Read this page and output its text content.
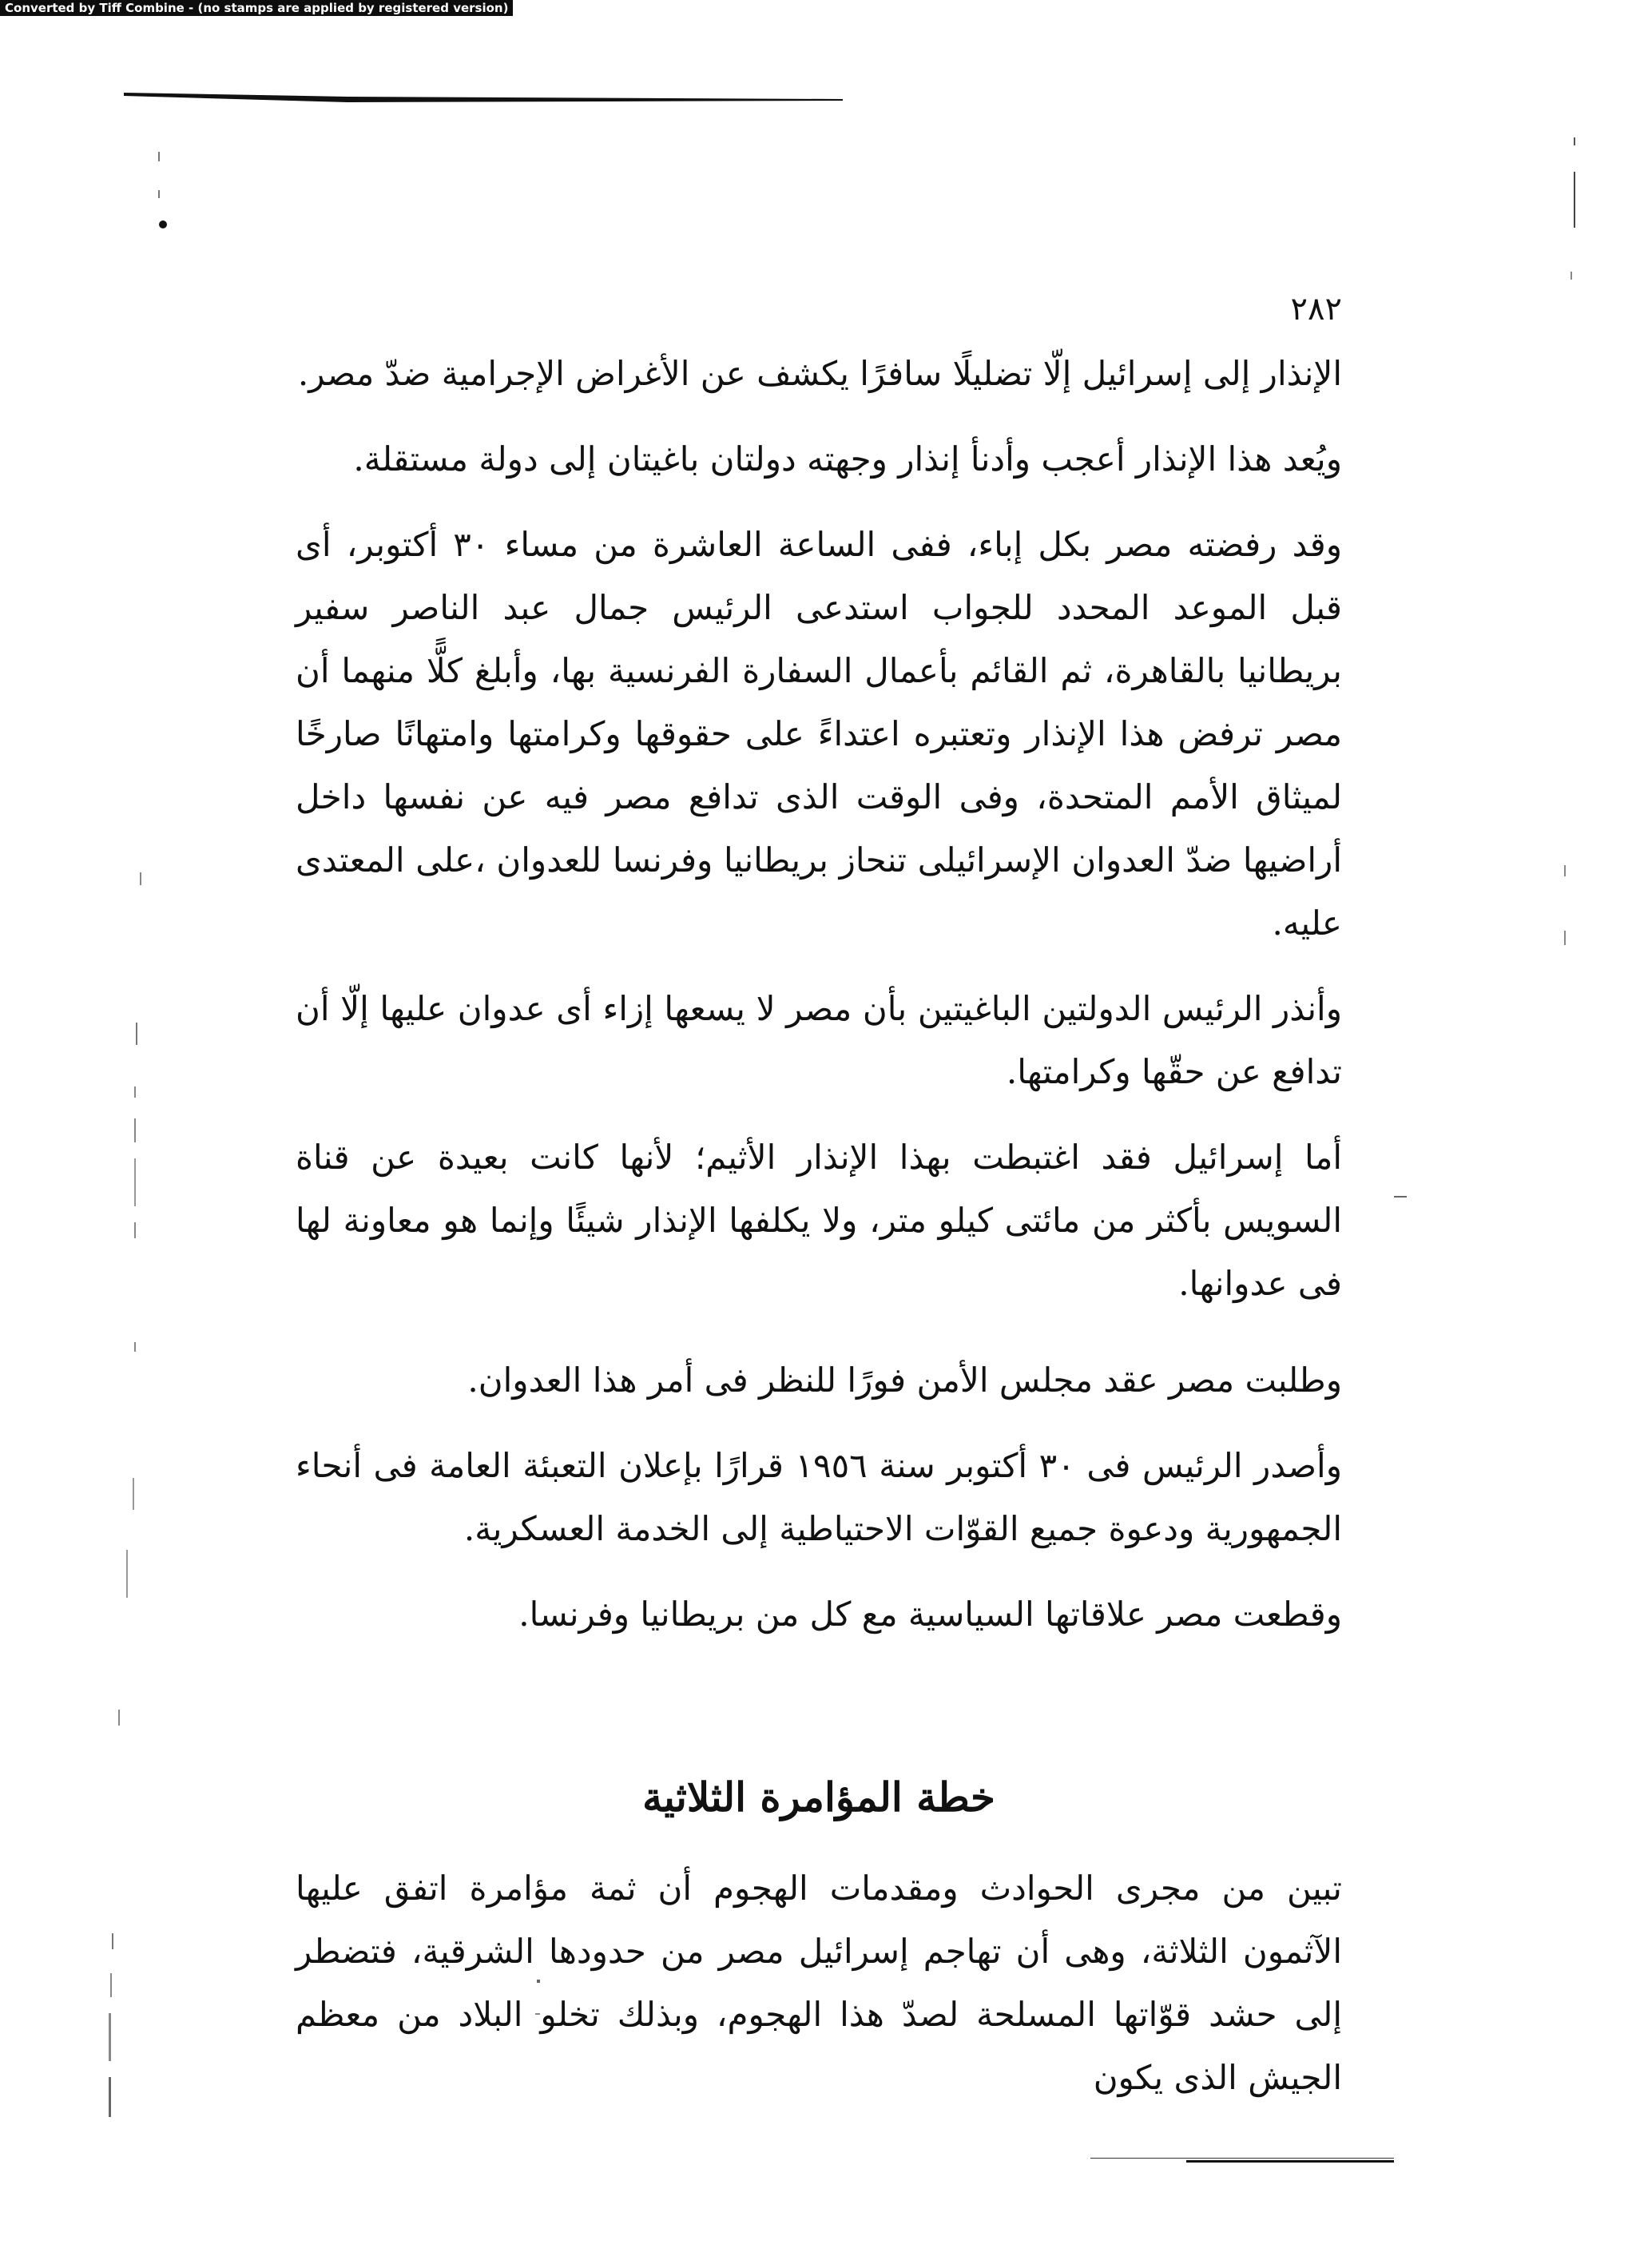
Converted by Tiff Combine - (no stamps are applied by registered version)
٢٨٢

الإنذار إلى إسرائيل إلّا تضليلًا سافرًا يكشف عن الأغراض الإجرامية ضدّ مصر.

ويُعد هذا الإنذار أعجب وأدنأ إنذار وجهته دولتان باغيتان إلى دولة مستقلة.

وقد رفضته مصر بكل إباء، ففى الساعة العاشرة من مساء ٣٠ أكتوبر، أى قبل الموعد المحدد للجواب استدعى الرئيس جمال عبد الناصر سفير بريطانيا بالقاهرة، ثم القائم بأعمال السفارة الفرنسية بها، وأبلغ كلًّا منهما أن مصر ترفض هذا الإنذار وتعتبره اعتداءً على حقوقها وكرامتها وامتهانًا صارخًا لميثاق الأمم المتحدة، وفى الوقت الذى تدافع مصر فيه عن نفسها داخل أراضيها ضدّ العدوان الإسرائيلى تنحاز بريطانيا وفرنسا للعدوان ،على المعتدى عليه.

وأنذر الرئيس الدولتين الباغيتين بأن مصر لا يسعها إزاء أى عدوان عليها إلّا أن تدافع عن حقّها وكرامتها.

أما إسرائيل فقد اغتبطت بهذا الإنذار الأثيم؛ لأنها كانت بعيدة عن قناة السويس بأكثر من مائتى كيلو متر، ولا يكلفها الإنذار شيئًا وإنما هو معاونة لها فى عدوانها.

وطلبت مصر عقد مجلس الأمن فورًا للنظر فى أمر هذا العدوان.

وأصدر الرئيس فى ٣٠ أكتوبر سنة ١٩٥٦ قرارًا بإعلان التعبئة العامة فى أنحاء الجمهورية ودعوة جميع القوّات الاحتياطية إلى الخدمة العسكرية.

وقطعت مصر علاقاتها السياسية مع كل من بريطانيا وفرنسا.

خطة المؤامرة الثلاثية

تبين من مجرى الحوادث ومقدمات الهجوم أن ثمة مؤامرة اتفق عليها الآثمون الثلاثة، وهى أن تهاجم إسرائيل مصر من حدودها الشرقية، فتضطر إلى حشد قوّاتها المسلحة لصدّ هذا الهجوم، وبذلك تخلو البلاد من معظم الجيش الذى يكون
